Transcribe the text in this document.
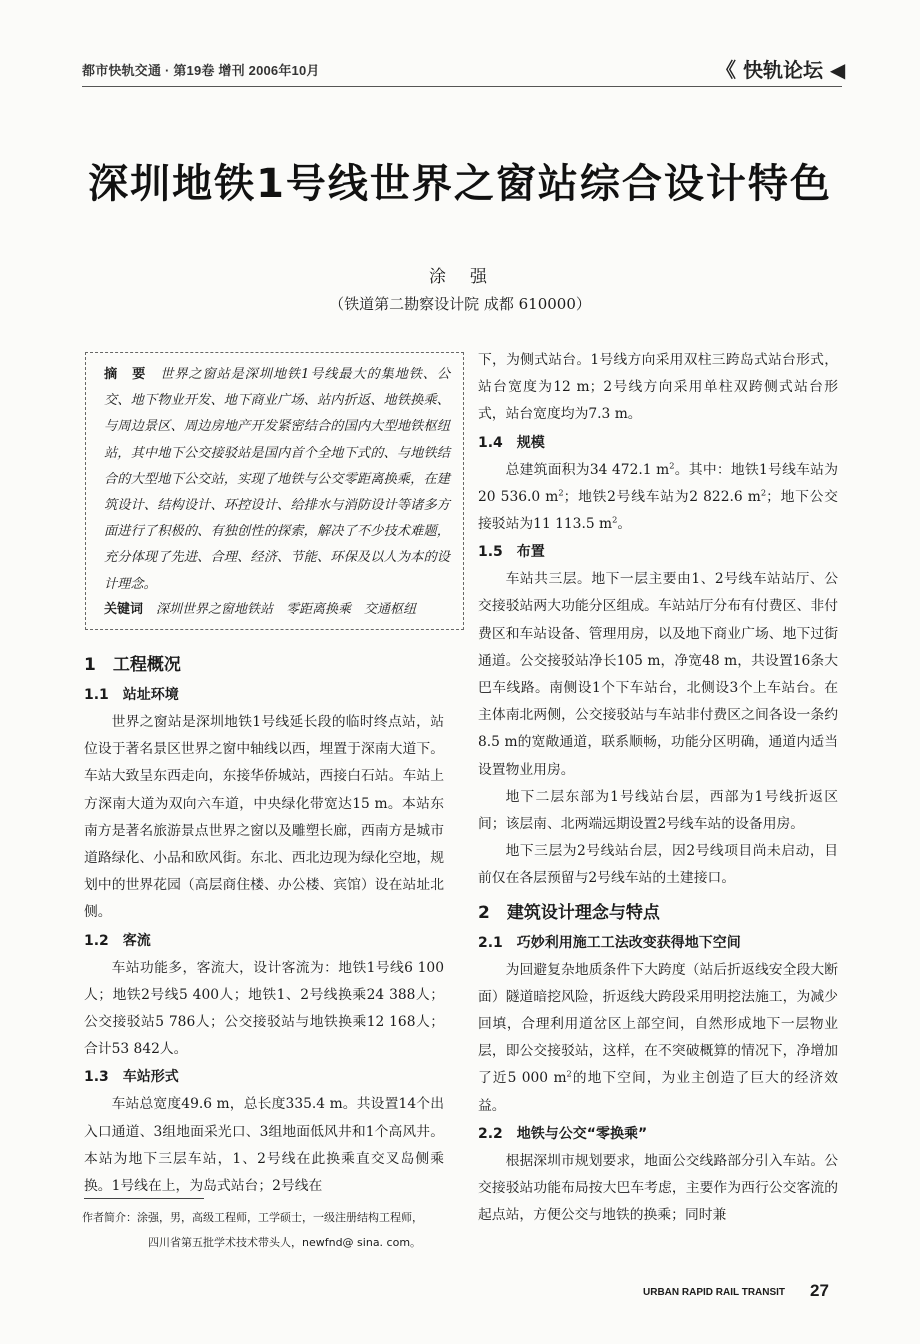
都市快轨交通 · 第19卷 增刊 2006年10月	《 快轨论坛 ◀
深圳地铁1号线世界之窗站综合设计特色
涂强
（铁道第二勘察设计院 成都 610000）
摘　要　 世界之窗站是深圳地铁1号线最大的集地铁、公交、地下物业开发、地下商业广场、站内折返、地铁换乘、与周边景区、周边房地产开发紧密结合的国内大型地铁枢纽站，其中地下公交接驳站是国内首个全地下式的、与地铁结合的大型地下公交站，实现了地铁与公交零距离换乘，在建筑设计、结构设计、环控设计、给排水与消防设计等诸多方面进行了积极的、有独创性的探索，解决了不少技术难题，充分体现了先进、合理、经济、节能、环保及以人为本的设计理念。
关键词　 深圳世界之窗地铁站　零距离换乘　交通枢纽
1　工程概况
1.1　站址环境

世界之窗站是深圳地铁1号线延长段的临时终点站，站位设于著名景区世界之窗中轴线以西，埋置于深南大道下。车站大致呈东西走向，东接华侨城站，西接白石站。车站上方深南大道为双向六车道，中央绿化带宽达15 m。本站东南方是著名旅游景点世界之窗以及雕塑长廊，西南方是城市道路绿化、小品和欧风街。东北、西北边现为绿化空地，规划中的世界花园（高层商住楼、办公楼、宾馆）设在站址北侧。

1.2　客流

车站功能多，客流大，设计客流为：地铁1号线6 100人；地铁2号线5 400人；地铁1、2号线换乘24 388人；公交接驳站5 786人；公交接驳站与地铁换乘12 168人；合计53 842人。

1.3　车站形式

车站总宽度49.6 m，总长度335.4 m。共设置14个出入口通道、3组地面采光口、3组地面低风井和1个高风井。本站为地下三层车站，1、2号线在此换乘直交叉岛侧乘换。1号线在上，为岛式站台；2号线在

下，为侧式站台。1号线方向采用双柱三跨岛式站台形式，站台宽度为12 m；2号线方向采用单柱双跨侧式站台形式，站台宽度均为7.3 m。

1.4　规模

总建筑面积为34 472.1 $m^2$。其中：地铁1号线车站为20 536.0 $m^2$；地铁2号线车站为2 822.6 $m^2$；地下公交接驳站为11 113.5 $m^2$。

1.5　布置

车站共三层。地下一层主要由1、2号线车站站厅、公交接驳站两大功能分区组成。车站站厅分布有付费区、非付费区和车站设备、管理用房，以及地下商业广场、地下过街通道。公交接驳站净长105 m，净宽48 m，共设置16条大巴车线路。南侧设1个下车站台，北侧设3个上车站台。在主体南北两侧，公交接驳站与车站非付费区之间各设一条约8.5 m的宽敞通道，联系顺畅，功能分区明确，通道内适当设置物业用房。

地下二层东部为1号线站台层，西部为1号线折返区间；该层南、北两端远期设置2号线车站的设备用房。

地下三层为2号线站台层，因2号线项目尚未启动，目前仅在各层预留与2号线车站的土建接口。

2　建筑设计理念与特点
2.1　巧妙利用施工工法改变获得地下空间

为回避复杂地质条件下大跨度（站后折返线安全段大断面）隧道暗挖风险，折返线大跨段采用明挖法施工，为减少回填，合理利用道岔区上部空间，自然形成地下一层物业层，即公交接驳站，这样，在不突破概算的情况下，净增加了近5 000 $m^2$的地下空间，为业主创造了巨大的经济效益。

2.2　地铁与公交“零换乘”

根据深圳市规划要求，地面公交线路部分引入车站。公交接驳站功能布局按大巴车考虑，主要作为西行公交客流的起点站，方便公交与地铁的换乘；同时兼

作者简介：涂强，男，高级工程师，工学硕士，一级注册结构工程师，
四川省第五批学术技术带头人，newfnd@ sina. com。
URBAN RAPID RAIL TRANSIT 27
